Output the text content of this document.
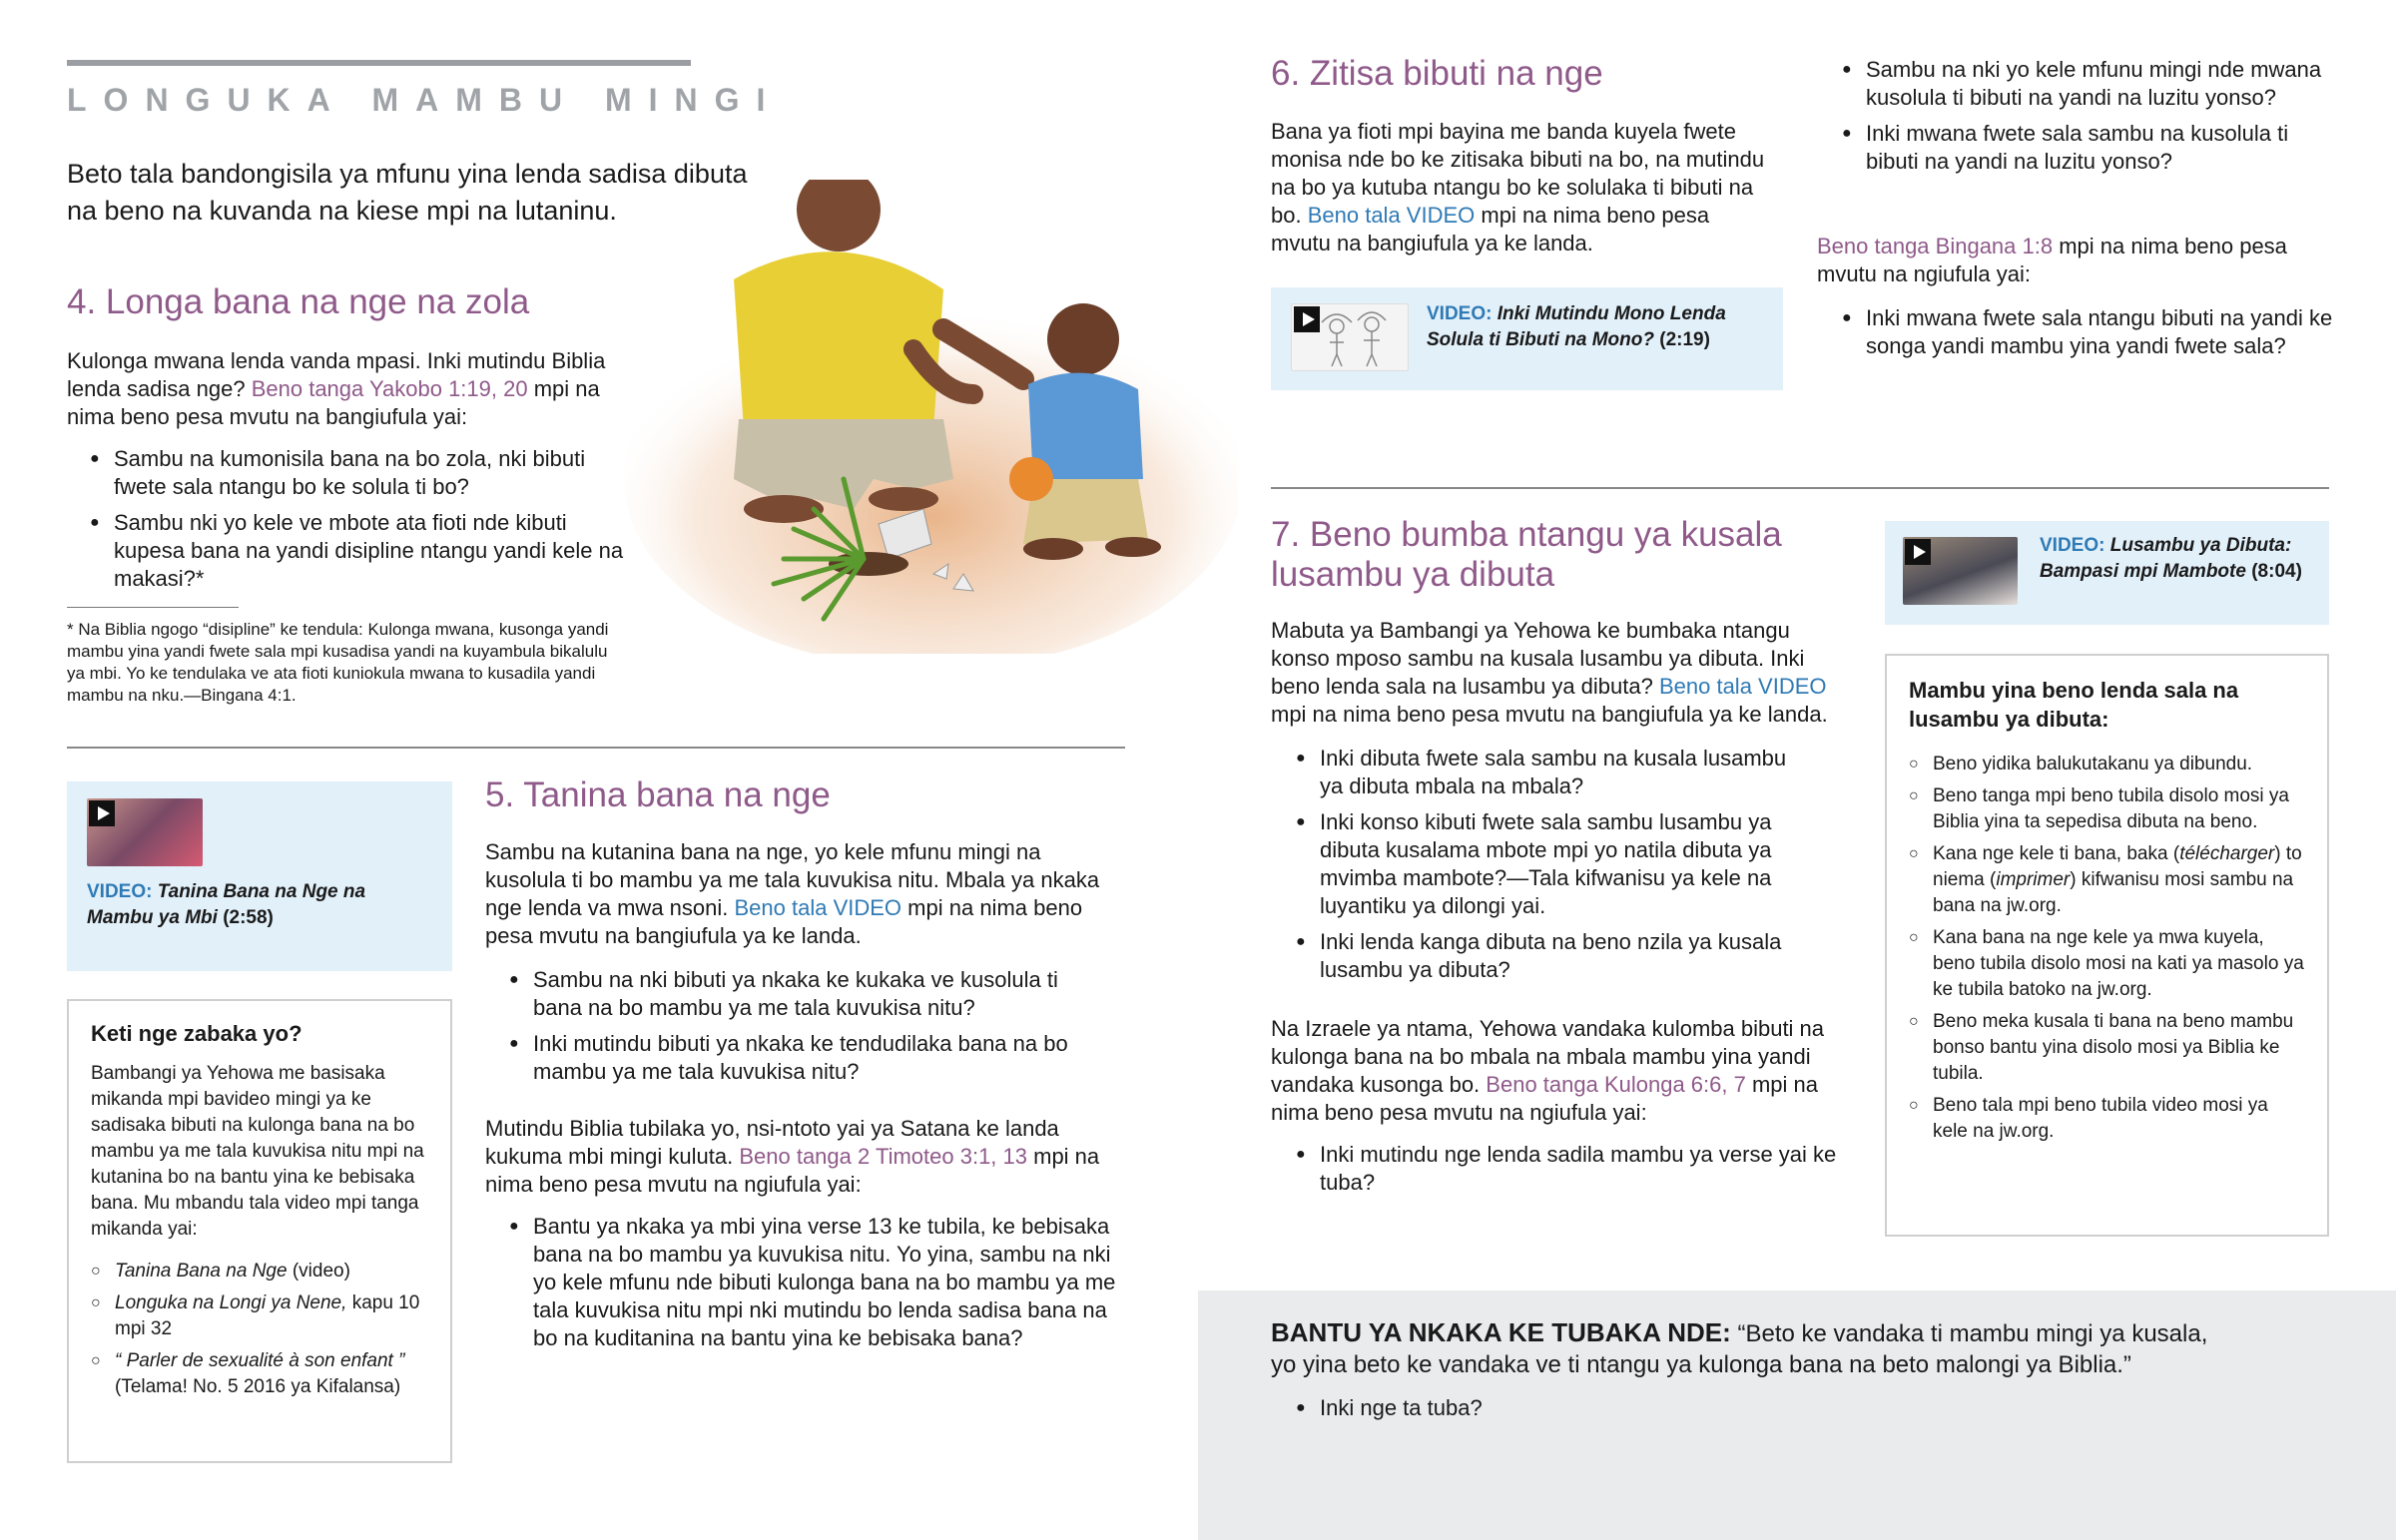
LONGUKA MAMBU MINGI
Beto tala bandongisila ya mfunu yina lenda sadisa dibuta na beno na kuvanda na kiese mpi na lutaninu.
4. Longa bana na nge na zola
Kulonga mwana lenda vanda mpasi. Inki mutindu Biblia lenda sadisa nge? Beno tanga Yakobo 1:19, 20 mpi na nima beno pesa mvutu na bangiufula yai:
● Sambu na kumonisila bana na bo zola, nki bibuti fwete sala ntangu bo ke solula ti bo?
● Sambu nki yo kele ve mbote ata fioti nde kibuti kupesa bana na yandi disipline ntangu yandi kele na makasi?*
* Na Biblia ngogo “disipline” ke tendula: Kulonga mwana, kusonga yandi mambu yina yandi fwete sala mpi kusadisa yandi na kuyambula bikalulu ya mbi. Yo ke tendulaka ve ata fioti kuniokula mwana to kusadila yandi mambu na nku.—Bingana 4:1.
VIDEO: Tanina Bana na Nge na Mambu ya Mbi (2:58)
Keti nge zabaka yo?
Bambangi ya Yehowa me basisaka mikanda mpi bavideo mingi ya ke sadisaka bibuti na kulonga bana na bo mambu ya me tala kuvukisa nitu mpi na kutanina bo na bantu yina ke bebisaka bana. Mu mbandu tala video mpi tanga mikanda yai:
○ Tanina Bana na Nge (video)
○ Longuka na Longi ya Nene, kapu 10 mpi 32
○ “ Parler de sexualité à son enfant ” (Telama! No. 5 2016 ya Kifalansa)
5. Tanina bana na nge
Sambu na kutanina bana na nge, yo kele mfunu mingi na kusolula ti bo mambu ya me tala kuvukisa nitu. Mbala ya nkaka nge lenda va mwa nsoni. Beno tala VIDEO mpi na nima beno pesa mvutu na bangiufula ya ke landa.
● Sambu na nki bibuti ya nkaka ke kukaka ve kusolula ti bana na bo mambu ya me tala kuvukisa nitu?
● Inki mutindu bibuti ya nkaka ke tendudilaka bana na bo mambu ya me tala kuvukisa nitu?
Mutindu Biblia tubilaka yo, nsi-ntoto yai ya Satana ke landa kukuma mbi mingi kuluta. Beno tanga 2 Timoteo 3:1, 13 mpi na nima beno pesa mvutu na ngiufula yai:
● Bantu ya nkaka ya mbi yina verse 13 ke tubila, ke bebisaka bana na bo mambu ya kuvukisa nitu. Yo yina, sambu na nki yo kele mfunu nde bibuti kulonga bana na bo mambu ya me tala kuvukisa nitu mpi nki mutindu bo lenda sadisa bana na bo na kuditanina na bantu yina ke bebisaka bana?
6. Zitisa bibuti na nge
Bana ya fioti mpi bayina me banda kuyela fwete monisa nde bo ke zitisaka bibuti na bo, na mutindu na bo ya kutuba ntangu bo ke solulaka ti bibuti na bo. Beno tala VIDEO mpi na nima beno pesa mvutu na bangiufula ya ke landa.
VIDEO: Inki Mutindu Mono Lenda Solula ti Bibuti na Mono? (2:19)
● Sambu na nki yo kele mfunu mingi nde mwana kusolula ti bibuti na yandi na luzitu yonso?
● Inki mwana fwete sala sambu na kusolula ti bibuti na yandi na luzitu yonso?
Beno tanga Bingana 1:8 mpi na nima beno pesa mvutu na ngiufula yai:
● Inki mwana fwete sala ntangu bibuti na yandi ke songa yandi mambu yina yandi fwete sala?
7. Beno bumba ntangu ya kusala lusambu ya dibuta
Mabuta ya Bambangi ya Yehowa ke bumbaka ntangu konso mposo sambu na kusala lusambu ya dibuta. Inki beno lenda sala na lusambu ya dibuta? Beno tala VIDEO mpi na nima beno pesa mvutu na bangiufula ya ke landa.
● Inki dibuta fwete sala sambu na kusala lusambu ya dibuta mbala na mbala?
● Inki konso kibuti fwete sala sambu lusambu ya dibuta kusalama mbote mpi yo natila dibuta ya mvimba mambote?—Tala kifwanisu ya kele na luyantiku ya dilongi yai.
● Inki lenda kanga dibuta na beno nzila ya kusala lusambu ya dibuta?
Na Izraele ya ntama, Yehowa vandaka kulomba bibuti na kulonga bana na bo mbala na mbala mambu yina yandi vandaka kusonga bo. Beno tanga Kulonga 6:6, 7 mpi na nima beno pesa mvutu na ngiufula yai:
● Inki mutindu nge lenda sadila mambu ya verse yai ke tuba?
VIDEO: Lusambu ya Dibuta: Bampasi mpi Mambote (8:04)
Mambu yina beno lenda sala na lusambu ya dibuta:
○ Beno yidika balukutakanu ya dibundu.
○ Beno tanga mpi beno tubila disolo mosi ya Biblia yina ta sepedisa dibuta na beno.
○ Kana nge kele ti bana, baka (télécharger) to niema (imprimer) kifwanisu mosi sambu na bana na jw.org.
○ Kana bana na nge kele ya mwa kuyela, beno tubila disolo mosi na kati ya masolo ya ke tubila batoko na jw.org.
○ Beno meka kusala ti bana na beno mambu bonso bantu yina disolo mosi ya Biblia ke tubila.
○ Beno tala mpi beno tubila video mosi ya kele na jw.org.
BANTU YA NKAKA KE TUBAKA NDE: “Beto ke vandaka ti mambu mingi ya kusala, yo yina beto ke vandaka ve ti ntangu ya kulonga bana na beto malongi ya Biblia.”
● Inki nge ta tuba?
